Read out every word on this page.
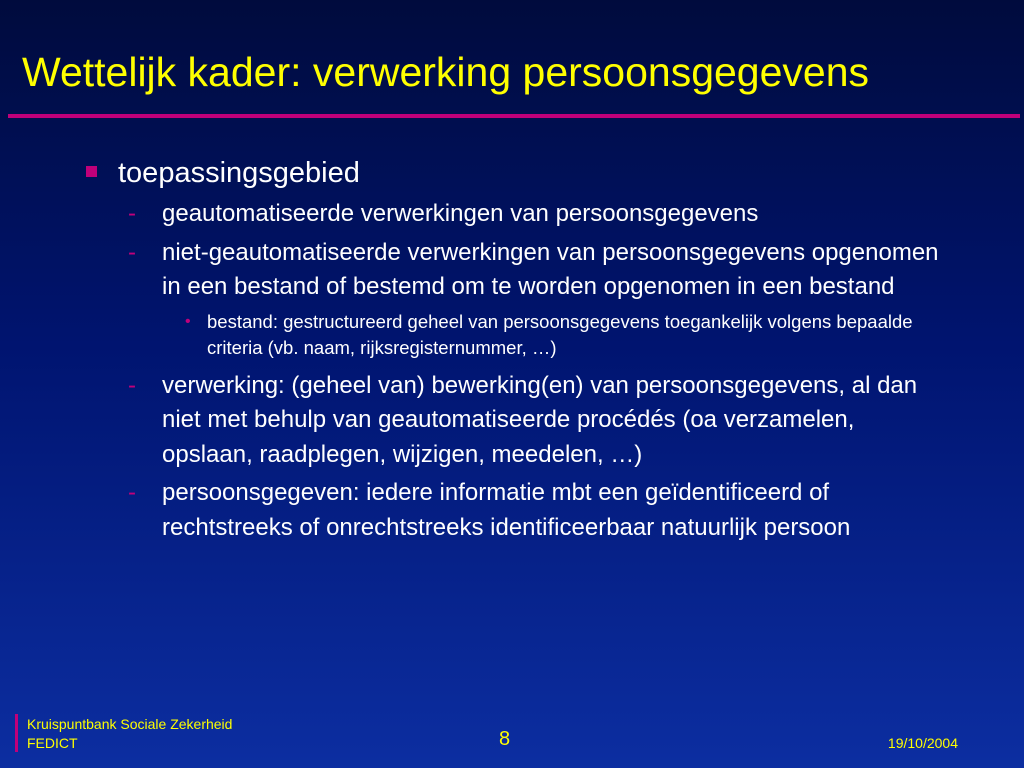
Wettelijk kader: verwerking persoonsgegevens
toepassingsgebied
- geautomatiseerde verwerkingen van persoonsgegevens
- niet-geautomatiseerde verwerkingen van persoonsgegevens opgenomen in een bestand of bestemd om te worden opgenomen in een bestand
• bestand: gestructureerd geheel van persoonsgegevens toegankelijk volgens bepaalde criteria (vb. naam, rijksregisternummer, …)
- verwerking: (geheel van) bewerking(en) van persoonsgegevens, al dan niet met behulp van geautomatiseerde procédés (oa verzamelen, opslaan, raadplegen, wijzigen, meedelen, …)
- persoonsgegeven: iedere informatie mbt een geïdentificeerd of rechtstreeks of onrechtstreeks identificeerbaar natuurlijk persoon
Kruispuntbank Sociale Zekerheid
FEDICT	8	19/10/2004
